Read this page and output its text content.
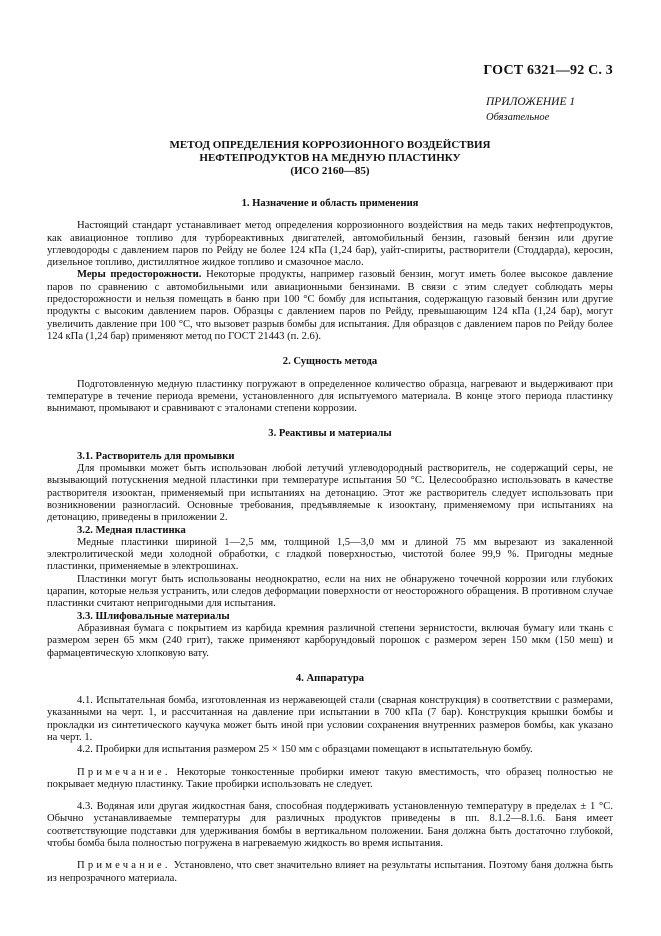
ГОСТ 6321—92 С. 3
ПРИЛОЖЕНИЕ 1
Обязательное
МЕТОД ОПРЕДЕЛЕНИЯ КОРРОЗИОННОГО ВОЗДЕЙСТВИЯ
НЕФТЕПРОДУКТОВ НА МЕДНУЮ ПЛАСТИНКУ
(ИСО 2160—85)

1. Назначение и область применения

Настоящий стандарт устанавливает метод определения коррозионного воздействия на медь таких нефтепродуктов, как авиационное топливо для турбореактивных двигателей, автомобильный бензин, газовый бензин или другие углеводороды с давлением паров по Рейду не более 124 кПа (1,24 бар), уайт-спириты, растворители (Стоддарда), керосин, дизельное топливо, дистиллятное жидкое топливо и смазочное масло.

Меры предосторожности. Некоторые продукты, например газовый бензин, могут иметь более высокое давление паров по сравнению с автомобильными или авиационными бензинами. В связи с этим следует соблюдать меры предосторожности и нельзя помещать в баню при 100 °С бомбу для испытания, содержащую газовый бензин или другие продукты с высоким давлением паров. Образцы с давлением паров по Рейду, превышающим 124 кПа (1,24 бар), могут увеличить давление при 100 °С, что вызовет разрыв бомбы для испытания. Для образцов с давлением паров по Рейду более 124 кПа (1,24 бар) применяют метод по ГОСТ 21443 (п. 2.6).

2. Сущность метода

Подготовленную медную пластинку погружают в определенное количество образца, нагревают и выдерживают при температуре в течение периода времени, установленного для испытуемого материала. В конце этого периода пластинку вынимают, промывают и сравнивают с эталонами степени коррозии.

3. Реактивы и материалы

3.1. Растворитель для промывки

Для промывки может быть использован любой летучий углеводородный растворитель, не содержащий серы, не вызывающий потускнения медной пластинки при температуре испытания 50 °С. Целесообразно использовать в качестве растворителя изооктан, применяемый при испытаниях на детонацию. Этот же растворитель следует использовать при возникновении разногласий. Основные требования, предъявляемые к изооктану, применяемому при испытаниях на детонацию, приведены в приложении 2.

3.2. Медная пластинка

Медные пластинки шириной 1—2,5 мм, толщиной 1,5—3,0 мм и длиной 75 мм вырезают из закаленной электролитической меди холодной обработки, с гладкой поверхностью, чистотой более 99,9 %. Пригодны медные пластинки, применяемые в электрошинах.

Пластинки могут быть использованы неоднократно, если на них не обнаружено точечной коррозии или глубоких царапин, которые нельзя устранить, или следов деформации поверхности от неосторожного обращения. В противном случае пластинки считают непригодными для испытания.

3.3. Шлифовальные материалы

Абразивная бумага с покрытием из карбида кремния различной степени зернистости, включая бумагу или ткань с размером зерен 65 мкм (240 грит), также применяют карборундовый порошок с размером зерен 150 мкм (150 меш) и фармацевтическую хлопковую вату.

4. Аппаратура

4.1. Испытательная бомба, изготовленная из нержавеющей стали (сварная конструкция) в соответствии с размерами, указанными на черт. 1, и рассчитанная на давление при испытании в 700 кПа (7 бар). Конструкция крышки бомбы и прокладки из синтетического каучука может быть иной при условии сохранения внутренних размеров бомбы, как указано на черт. 1.

4.2. Пробирки для испытания размером 25 × 150 мм с образцами помещают в испытательную бомбу.

Примечание. Некоторые тонкостенные пробирки имеют такую вместимость, что образец полностью не покрывает медную пластинку. Такие пробирки использовать не следует.

4.3. Водяная или другая жидкостная баня, способная поддерживать установленную температуру в пределах ± 1 °С. Обычно устанавливаемые температуры для различных продуктов приведены в пп. 8.1.2—8.1.6. Баня имеет соответствующие подставки для удерживания бомбы в вертикальном положении. Баня должна быть достаточно глубокой, чтобы бомба была полностью погружена в нагреваемую жидкость во время испытания.

Примечание. Установлено, что свет значительно влияет на результаты испытания. Поэтому баня должна быть из непрозрачного материала.
